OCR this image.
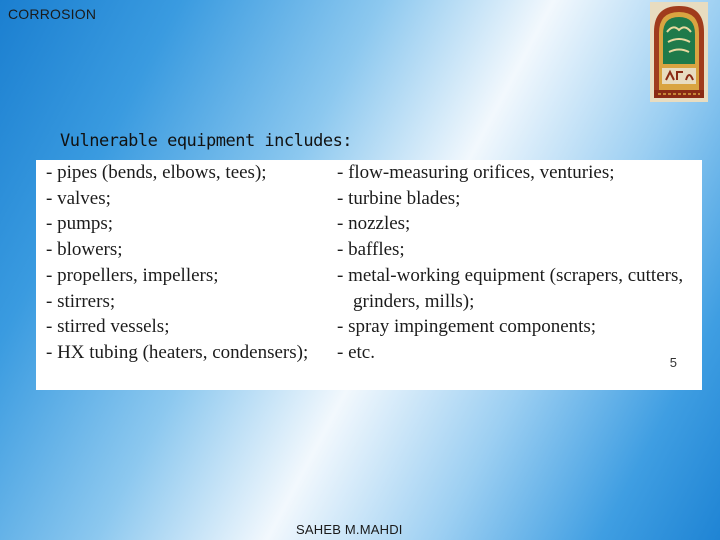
CORROSION
Vulnerable equipment includes:
- pipes (bends, elbows, tees);
- valves;
- pumps;
- blowers;
- propellers, impellers;
- stirrers;
- stirred vessels;
- HX tubing (heaters, condensers);
- flow-measuring orifices, venturies;
- turbine blades;
- nozzles;
- baffles;
- metal-working equipment (scrapers, cutters, grinders, mills);
- spray impingement components;
- etc.	5
SAHEB M.MAHDI
